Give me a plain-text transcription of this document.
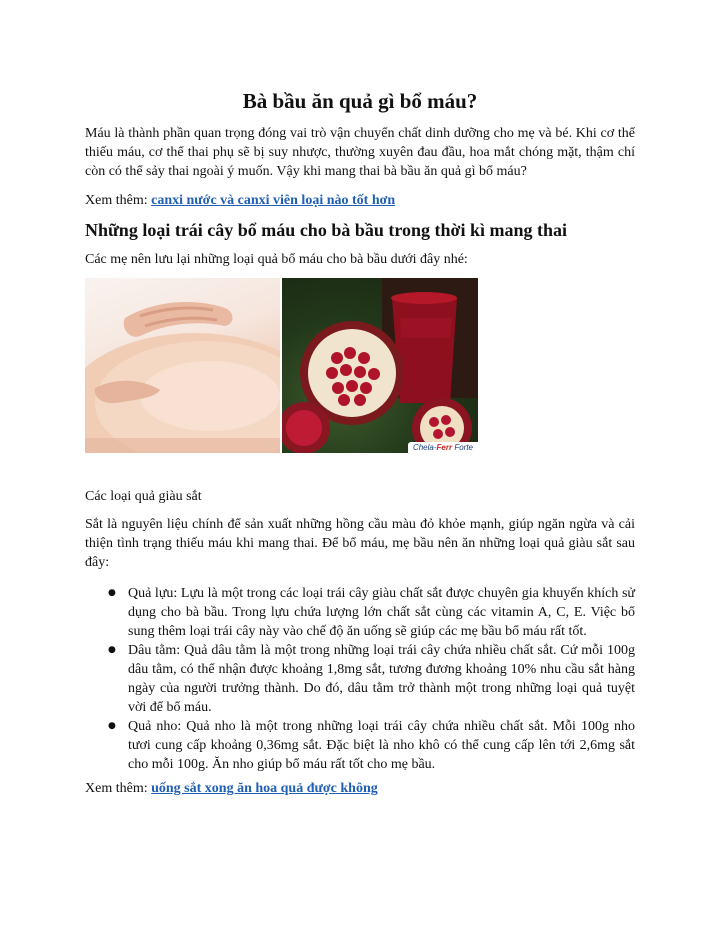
Bà bầu ăn quả gì bổ máu?

Máu là thành phần quan trọng đóng vai trò vận chuyển chất dinh dưỡng cho mẹ và bé. Khi cơ thể thiếu máu, cơ thể thai phụ sẽ bị suy nhược, thường xuyên đau đầu, hoa mắt chóng mặt, thậm chí còn có thể sảy thai ngoài ý muốn. Vậy khi mang thai bà bầu ăn quả gì bổ máu?

Xem thêm: canxi nước và canxi viên loại nào tốt hơn

Những loại trái cây bổ máu cho bà bầu trong thời kì mang thai

Các mẹ nên lưu lại những loại quả bổ máu cho bà bầu dưới đây nhé:

Chela-Ferr Forte

Các loại quả giàu sắt

Sắt là nguyên liệu chính để sản xuất những hồng cầu màu đỏ khỏe mạnh, giúp ngăn ngừa và cải thiện tình trạng thiếu máu khi mang thai. Để bổ máu, mẹ bầu nên ăn những loại quả giàu sắt sau đây:

● Quả lựu: Lựu là một trong các loại trái cây giàu chất sắt được chuyên gia khuyến khích sử dụng cho bà bầu. Trong lựu chứa lượng lớn chất sắt cùng các vitamin A, C, E. Việc bổ sung thêm loại trái cây này vào chế độ ăn uống sẽ giúp các mẹ bầu bổ máu rất tốt.
● Dâu tằm: Quả dâu tằm là một trong những loại trái cây chứa nhiều chất sắt. Cứ mỗi 100g dâu tằm, có thể nhận được khoảng 1,8mg sắt, tương đương khoảng 10% nhu cầu sắt hàng ngày của người trưởng thành. Do đó, dâu tằm trở thành một trong những loại quả tuyệt vời để bổ máu.
● Quả nho: Quả nho là một trong những loại trái cây chứa nhiều chất sắt. Mỗi 100g nho tươi cung cấp khoảng 0,36mg sắt. Đặc biệt là nho khô có thể cung cấp lên tới 2,6mg sắt cho mỗi 100g. Ăn nho giúp bổ máu rất tốt cho mẹ bầu.

Xem thêm: uống sắt xong ăn hoa quả được không
